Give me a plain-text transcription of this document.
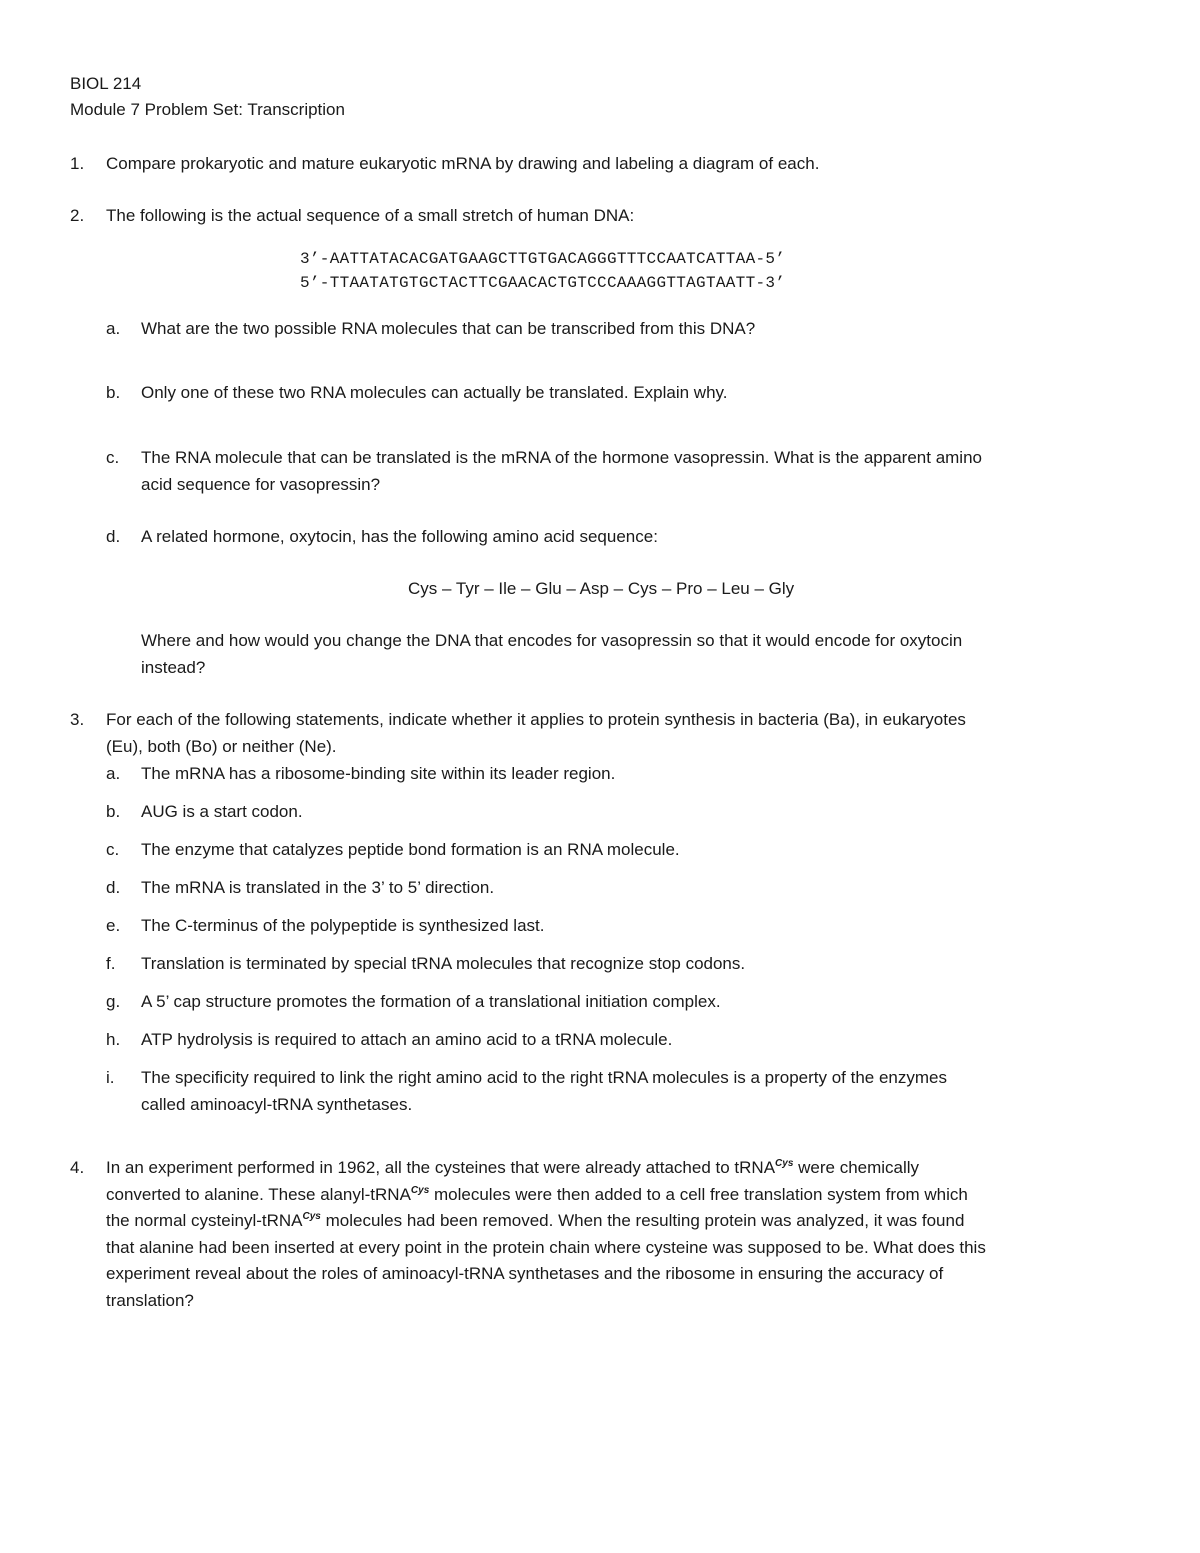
BIOL 214
Module 7 Problem Set: Transcription
1. Compare prokaryotic and mature eukaryotic mRNA by drawing and labeling a diagram of each.
2. The following is the actual sequence of a small stretch of human DNA:
3’-AATTATACACGATGAAGCTTGTGACAGGGTTTCCAATCATTAA-5’
5’-TTAATATGTGCTACTTCGAACACTGTCCCAAAGGTTAGTAATT-3’
a. What are the two possible RNA molecules that can be transcribed from this DNA?
b. Only one of these two RNA molecules can actually be translated. Explain why.
c. The RNA molecule that can be translated is the mRNA of the hormone vasopressin. What is the apparent amino
acid sequence for vasopressin?
d. A related hormone, oxytocin, has the following amino acid sequence:
Cys – Tyr – Ile – Glu – Asp – Cys – Pro – Leu – Gly
Where and how would you change the DNA that encodes for vasopressin so that it would encode for oxytocin
instead?
3. For each of the following statements, indicate whether it applies to protein synthesis in bacteria (Ba), in eukaryotes
(Eu), both (Bo) or neither (Ne).
a. The mRNA has a ribosome-binding site within its leader region.
b. AUG is a start codon.
c. The enzyme that catalyzes peptide bond formation is an RNA molecule.
d. The mRNA is translated in the 3’ to 5’ direction.
e. The C-terminus of the polypeptide is synthesized last.
f. Translation is terminated by special tRNA molecules that recognize stop codons.
g. A 5’ cap structure promotes the formation of a translational initiation complex.
h. ATP hydrolysis is required to attach an amino acid to a tRNA molecule.
i. The specificity required to link the right amino acid to the right tRNA molecules is a property of the enzymes
called aminoacyl-tRNA synthetases.
4. In an experiment performed in 1962, all the cysteines that were already attached to tRNA$^{Cys}$ were chemically
converted to alanine. These alanyl-tRNA$^{Cys}$ molecules were then added to a cell free translation system from which
the normal cysteinyl-tRNA$^{Cys}$ molecules had been removed. When the resulting protein was analyzed, it was found
that alanine had been inserted at every point in the protein chain where cysteine was supposed to be. What does this
experiment reveal about the roles of aminoacyl-tRNA synthetases and the ribosome in ensuring the accuracy of
translation?
